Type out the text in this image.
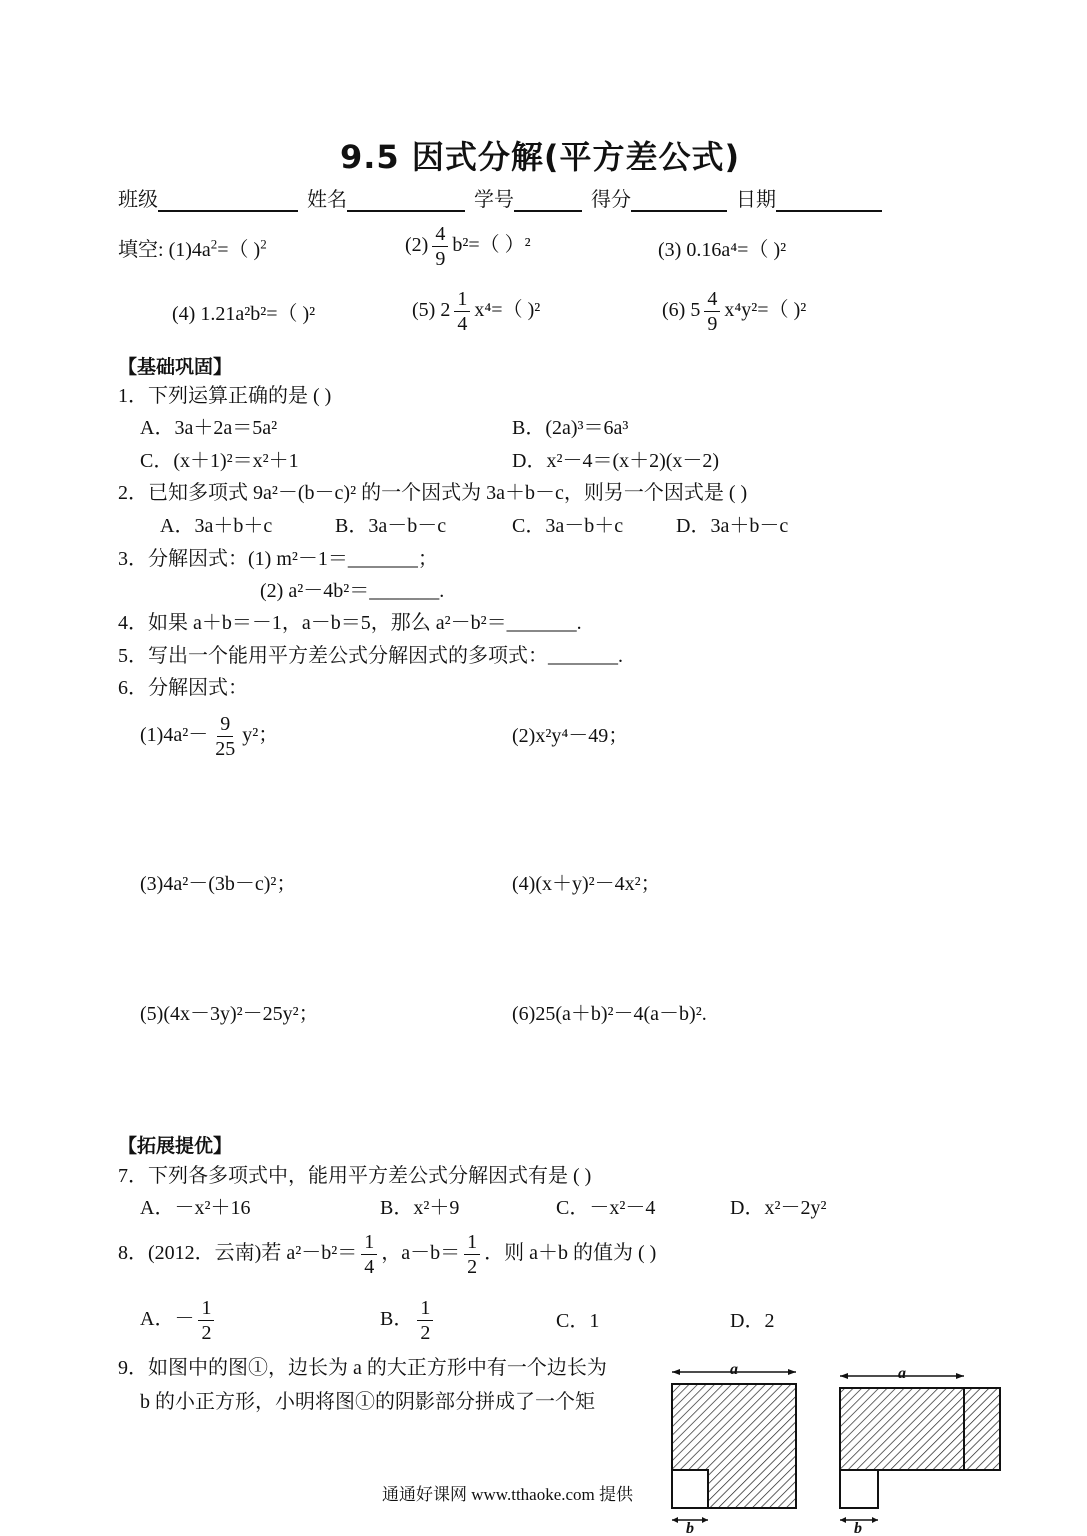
9.5 因式分解(平方差公式)
班级	姓名	学号	得分	日期
填空: $(1)4a^2=$（ )$^2$	$(2) \frac{4}{9} b^2=$（ ）²	(3) 0.16a⁴=（ )²
(4) 1.21a²b²=（ )²	(5) $2 \frac{1}{4} x^4=$（ )²	(6) $5 \frac{4}{9} x^4y^2=$（ )²
【基础巩固】
1．下列运算正确的是 ( )
A．3a＋2a＝5a²	B．(2a)³＝6a³
C．(x＋1)²＝x²＋1	D．x²－4＝(x＋2)(x－2)
2．已知多项式 9a²－(b－c)² 的一个因式为 3a＋b－c，则另一个因式是 ( )
A．3a＋b＋c	B．3a－b－c	C．3a－b＋c	D．3a＋b－c
3．分解因式：(1) m²－1＝_______；
(2) a²－4b²＝_______.
4．如果 a＋b＝－1，a－b＝5，那么 a²－b²＝_______.
5．写出一个能用平方差公式分解因式的多项式：_______.
6．分解因式：
$(1)4a^2- \frac{9}{25} y^2$；	(2)x²y⁴－49；
(3)4a²－(3b－c)²；	(4)(x＋y)²－4x²；
(5)(4x－3y)²－25y²；	(6)25(a＋b)²－4(a－b)².
【拓展提优】
7．下列各多项式中，能用平方差公式分解因式有是 ( )
A．－x²＋16	B．x²＋9	C．－x²－4	D．x²－2y²
8．(2012．云南)若 $a^2-b^2= \frac{1}{4}$ ，$a-b= \frac{1}{2}$ ．则 a＋b 的值为 ( )
A．－ $\frac{1}{2}$	B． $\frac{1}{2}$	C．1	D．2
9．如图中的图①，边长为 a 的大正方形中有一个边长为
b 的小正方形，小明将图①的阴影部分拼成了一个矩
a
b
a
b
通通好课网 www.tthaoke.com 提供
